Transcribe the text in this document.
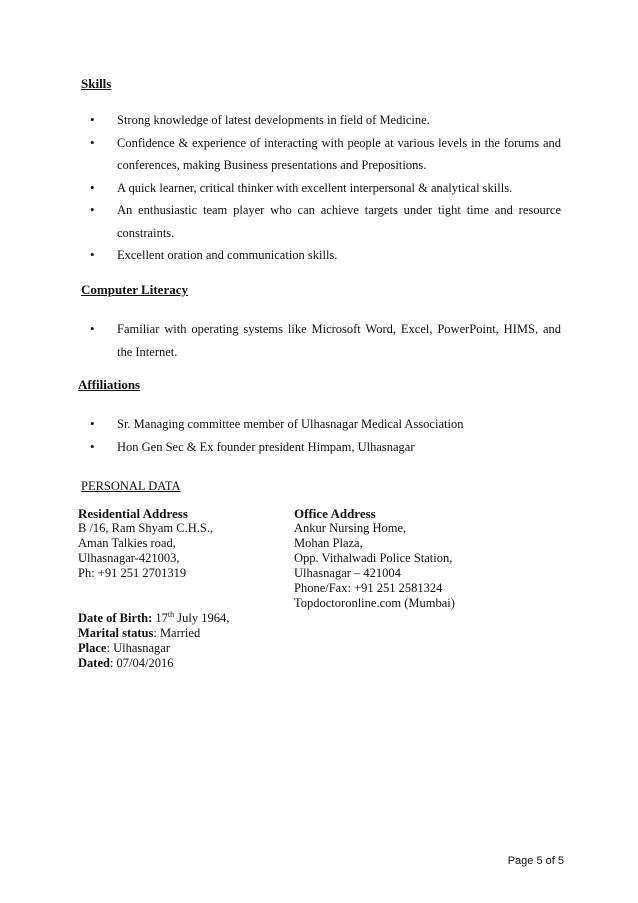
Skills
• Strong knowledge of latest developments in field of Medicine.
• Confidence & experience of interacting with people at various levels in the forums and conferences, making Business presentations and Prepositions.
• A quick learner, critical thinker with excellent interpersonal & analytical skills.
• An enthusiastic team player who can achieve targets under tight time and resource constraints.
• Excellent oration and communication skills.
Computer Literacy
• Familiar with operating systems like Microsoft Word, Excel, PowerPoint, HIMS, and the Internet.
Affiliations
• Sr. Managing committee member of Ulhasnagar Medical Association
• Hon Gen Sec & Ex founder president Himpam, Ulhasnagar
PERSONAL DATA
Residential Address
B /16, Ram Shyam C.H.S.,
Aman Talkies road,
Ulhasnagar-421003,
Ph: +91 251 2701319
Office Address
Ankur Nursing Home,
Mohan Plaza,
Opp. Vithalwadi Police Station,
Ulhasnagar – 421004
Phone/Fax: +91 251 2581324
Topdoctoronline.com (Mumbai)
Date of Birth: 17th July 1964,
Marital status: Married
Place: Ulhasnagar
Dated: 07/04/2016
Page 5 of 5
